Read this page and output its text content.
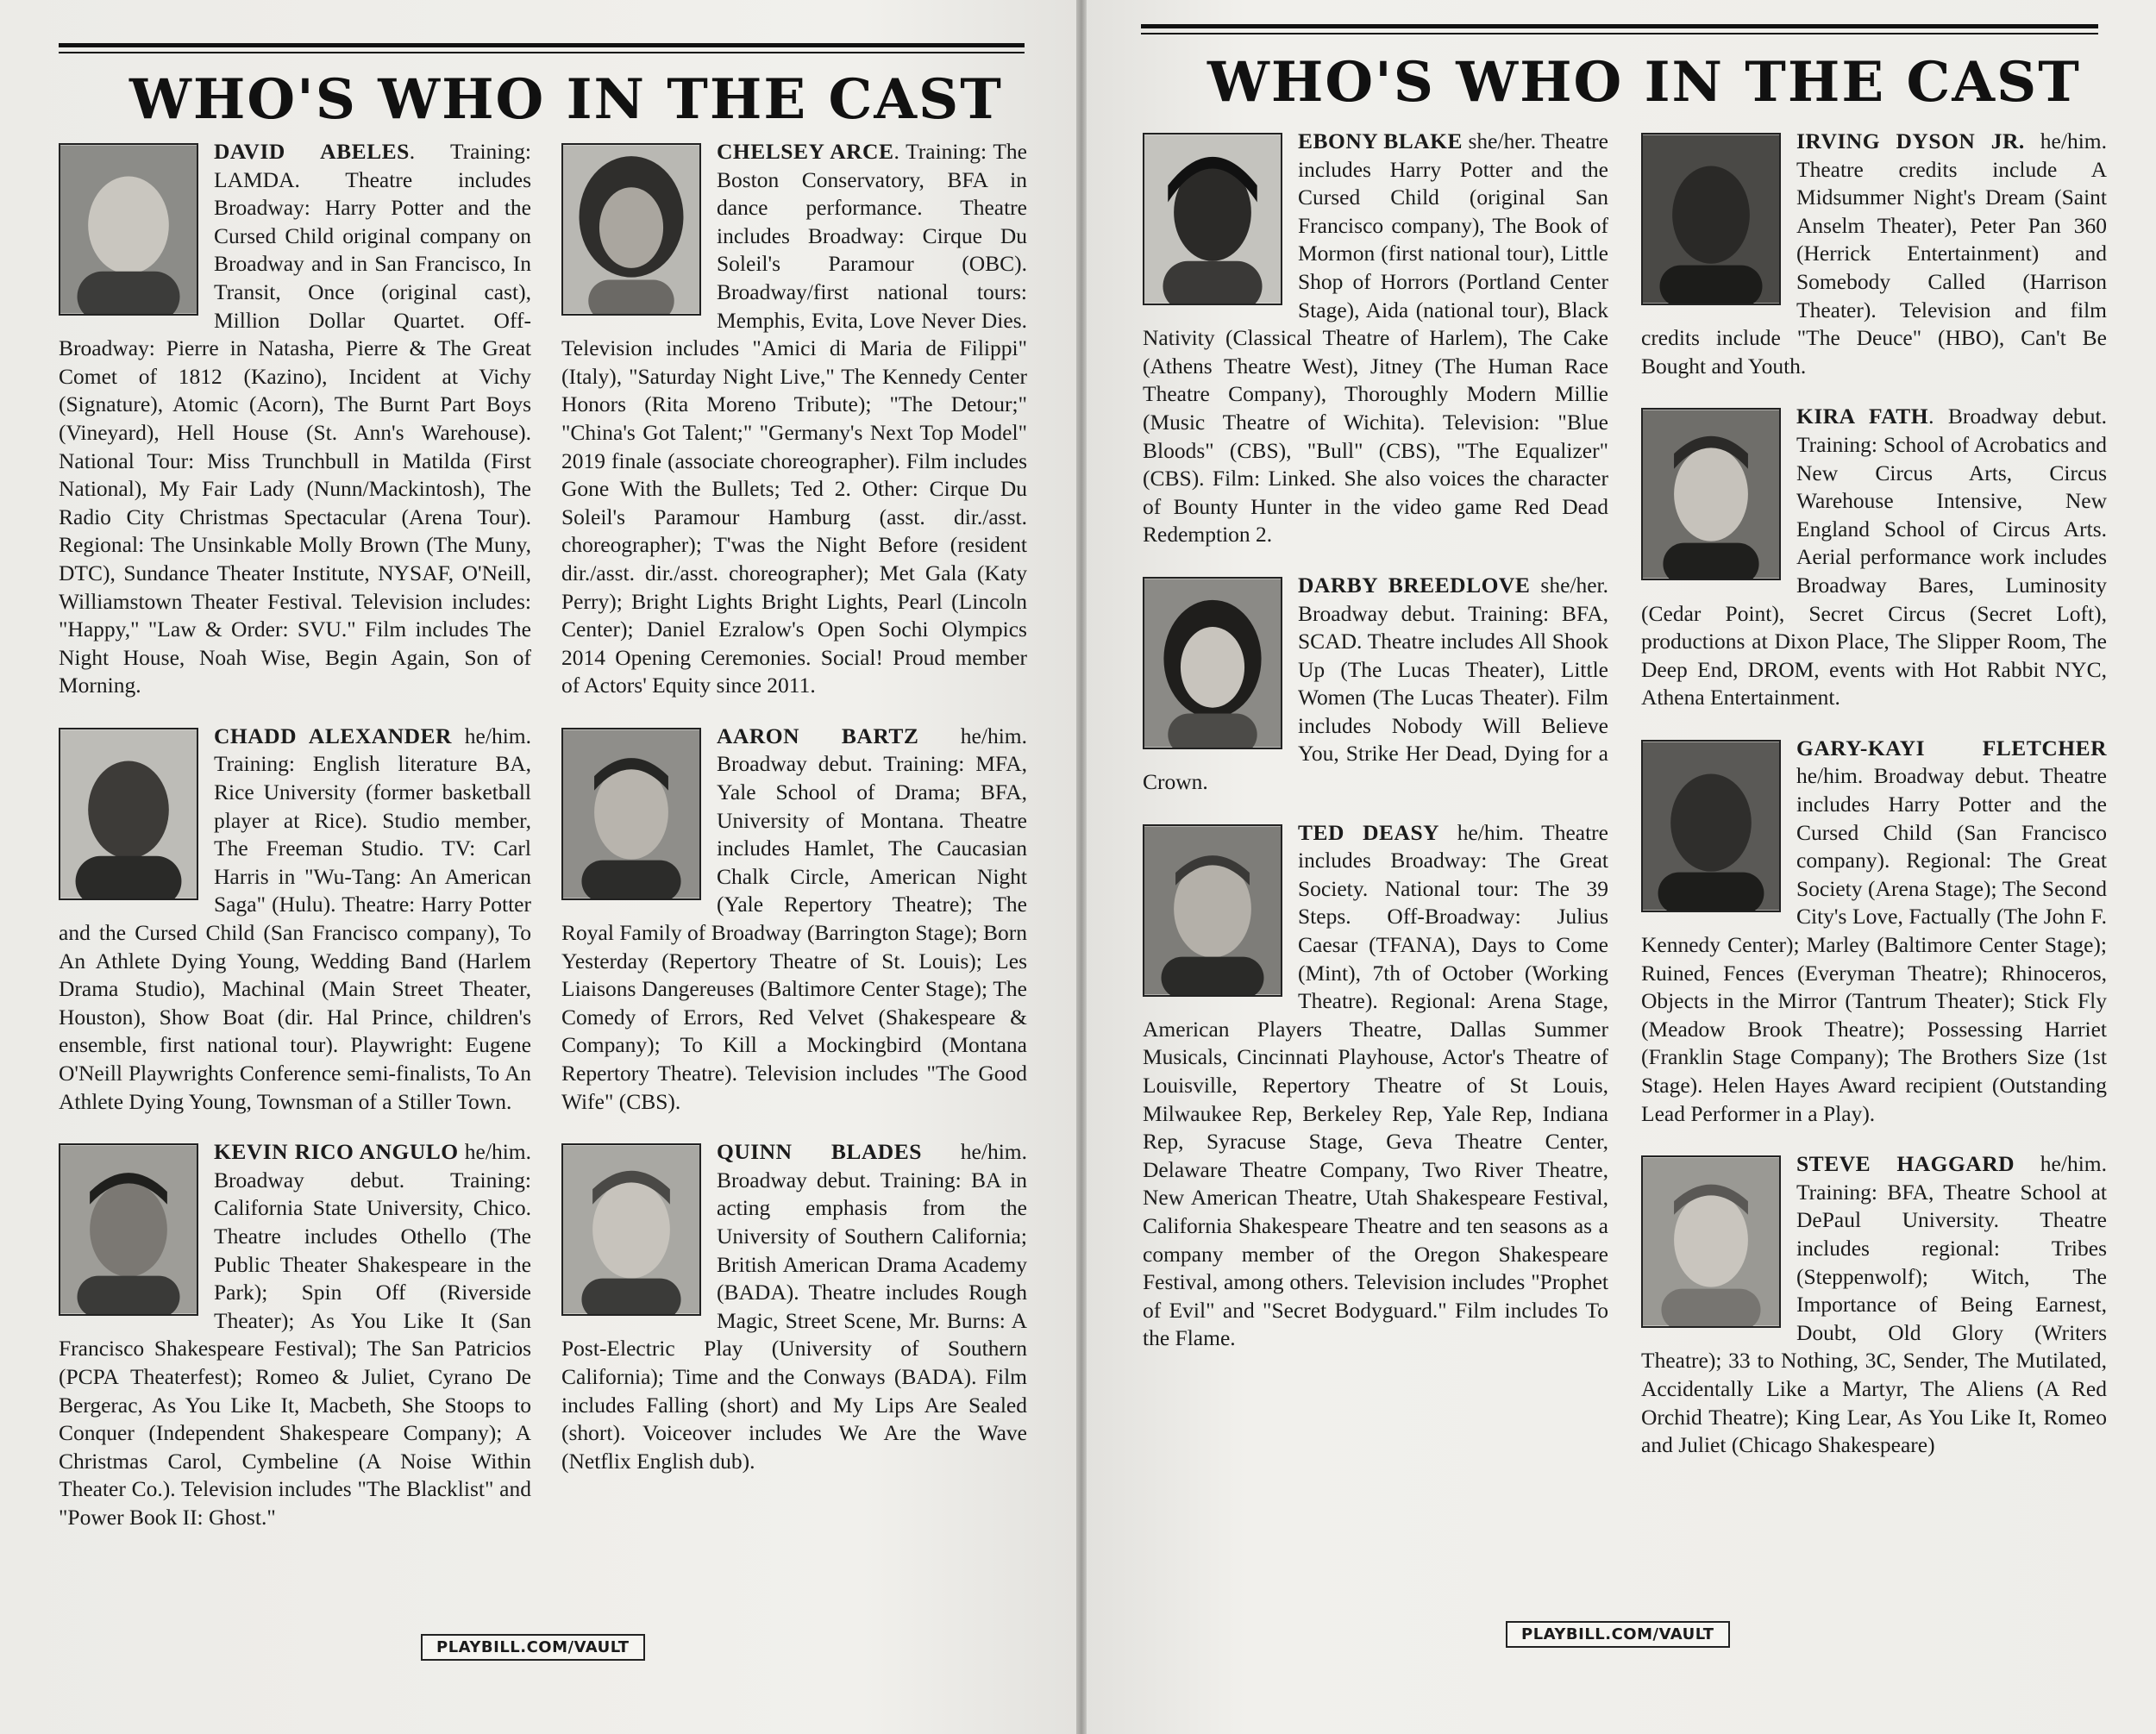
WHO'S WHO IN THE CAST
DAVID ABELES. Training: LAMDA. Theatre includes Broadway: Harry Potter and the Cursed Child original company on Broadway and in San Francisco, In Transit, Once (original cast), Million Dollar Quartet. Off-Broadway: Pierre in Natasha, Pierre & The Great Comet of 1812 (Kazino), Incident at Vichy (Signature), Atomic (Acorn), The Burnt Part Boys (Vineyard), Hell House (St. Ann's Warehouse). National Tour: Miss Trunchbull in Matilda (First National), My Fair Lady (Nunn/Mackintosh), The Radio City Christmas Spectacular (Arena Tour). Regional: The Unsinkable Molly Brown (The Muny, DTC), Sundance Theater Institute, NYSAF, O'Neill, Williamstown Theater Festival. Television includes: "Happy," "Law & Order: SVU." Film includes The Night House, Noah Wise, Begin Again, Son of Morning.
CHADD ALEXANDER he/him. Training: English literature BA, Rice University (former basketball player at Rice). Studio member, The Freeman Studio. TV: Carl Harris in "Wu-Tang: An American Saga" (Hulu). Theatre: Harry Potter and the Cursed Child (San Francisco company), To An Athlete Dying Young, Wedding Band (Harlem Drama Studio), Machinal (Main Street Theater, Houston), Show Boat (dir. Hal Prince, children's ensemble, first national tour). Playwright: Eugene O'Neill Playwrights Conference semi-finalists, To An Athlete Dying Young, Townsman of a Stiller Town.
KEVIN RICO ANGULO he/him. Broadway debut. Training: California State University, Chico. Theatre includes Othello (The Public Theater Shakespeare in the Park); Spin Off (Riverside Theater); As You Like It (San Francisco Shakespeare Festival); The San Patricios (PCPA Theaterfest); Romeo & Juliet, Cyrano De Bergerac, As You Like It, Macbeth, She Stoops to Conquer (Independent Shakespeare Company); A Christmas Carol, Cymbeline (A Noise Within Theater Co.). Television includes "The Blacklist" and "Power Book II: Ghost."
CHELSEY ARCE. Training: The Boston Conservatory, BFA in dance performance. Theatre includes Broadway: Cirque Du Soleil's Paramour (OBC). Broadway/first national tours: Memphis, Evita, Love Never Dies. Television includes "Amici di Maria de Filippi" (Italy), "Saturday Night Live," The Kennedy Center Honors (Rita Moreno Tribute); "The Detour;" "China's Got Talent;" "Germany's Next Top Model" 2019 finale (associate choreographer). Film includes Gone With the Bullets; Ted 2. Other: Cirque Du Soleil's Paramour Hamburg (asst. dir./asst. choreographer); T'was the Night Before (resident dir./asst. dir./asst. choreographer); Met Gala (Katy Perry); Bright Lights Bright Lights, Pearl (Lincoln Center); Daniel Ezralow's Open Sochi Olympics 2014 Opening Ceremonies. Social! Proud member of Actors' Equity since 2011.
AARON BARTZ he/him. Broadway debut. Training: MFA, Yale School of Drama; BFA, University of Montana. Theatre includes Hamlet, The Caucasian Chalk Circle, American Night (Yale Repertory Theatre); The Royal Family of Broadway (Barrington Stage); Born Yesterday (Repertory Theatre of St. Louis); Les Liaisons Dangereuses (Baltimore Center Stage); The Comedy of Errors, Red Velvet (Shakespeare & Company); To Kill a Mockingbird (Montana Repertory Theatre). Television includes "The Good Wife" (CBS).
QUINN BLADES he/him. Broadway debut. Training: BA in acting emphasis from the University of Southern California; British American Drama Academy (BADA). Theatre includes Rough Magic, Street Scene, Mr. Burns: A Post-Electric Play (University of Southern California); Time and the Conways (BADA). Film includes Falling (short) and My Lips Are Sealed (short). Voiceover includes We Are the Wave (Netflix English dub).
PLAYBILL.COM/VAULT
WHO'S WHO IN THE CAST
EBONY BLAKE she/her. Theatre includes Harry Potter and the Cursed Child (original San Francisco company), The Book of Mormon (first national tour), Little Shop of Horrors (Portland Center Stage), Aida (national tour), Black Nativity (Classical Theatre of Harlem), The Cake (Athens Theatre West), Jitney (The Human Race Theatre Company), Thoroughly Modern Millie (Music Theatre of Wichita). Television: "Blue Bloods" (CBS), "Bull" (CBS), "The Equalizer" (CBS). Film: Linked. She also voices the character of Bounty Hunter in the video game Red Dead Redemption 2.
DARBY BREEDLOVE she/her. Broadway debut. Training: BFA, SCAD. Theatre includes All Shook Up (The Lucas Theater), Little Women (The Lucas Theater). Film includes Nobody Will Believe You, Strike Her Dead, Dying for a Crown.
TED DEASY he/him. Theatre includes Broadway: The Great Society. National tour: The 39 Steps. Off-Broadway: Julius Caesar (TFANA), Days to Come (Mint), 7th of October (Working Theatre). Regional: Arena Stage, American Players Theatre, Dallas Summer Musicals, Cincinnati Playhouse, Actor's Theatre of Louisville, Repertory Theatre of St Louis, Milwaukee Rep, Berkeley Rep, Yale Rep, Indiana Rep, Syracuse Stage, Geva Theatre Center, Delaware Theatre Company, Two River Theatre, New American Theatre, Utah Shakespeare Festival, California Shakespeare Theatre and ten seasons as a company member of the Oregon Shakespeare Festival, among others. Television includes "Prophet of Evil" and "Secret Bodyguard." Film includes To the Flame.
IRVING DYSON JR. he/him. Theatre credits include A Midsummer Night's Dream (Saint Anselm Theater), Peter Pan 360 (Herrick Entertainment) and Somebody Called (Harrison Theater). Television and film credits include "The Deuce" (HBO), Can't Be Bought and Youth.
KIRA FATH. Broadway debut. Training: School of Acrobatics and New Circus Arts, Circus Warehouse Intensive, New England School of Circus Arts. Aerial performance work includes Broadway Bares, Luminosity (Cedar Point), Secret Circus (Secret Loft), productions at Dixon Place, The Slipper Room, The Deep End, DROM, events with Hot Rabbit NYC, Athena Entertainment.
GARY-KAYI FLETCHER he/him. Broadway debut. Theatre includes Harry Potter and the Cursed Child (San Francisco company). Regional: The Great Society (Arena Stage); The Second City's Love, Factually (The John F. Kennedy Center); Marley (Baltimore Center Stage); Ruined, Fences (Everyman Theatre); Rhinoceros, Objects in the Mirror (Tantrum Theater); Stick Fly (Meadow Brook Theatre); Possessing Harriet (Franklin Stage Company); The Brothers Size (1st Stage). Helen Hayes Award recipient (Outstanding Lead Performer in a Play).
STEVE HAGGARD he/him. Training: BFA, Theatre School at DePaul University. Theatre includes regional: Tribes (Steppenwolf); Witch, The Importance of Being Earnest, Doubt, Old Glory (Writers Theatre); 33 to Nothing, 3C, Sender, The Mutilated, Accidentally Like a Martyr, The Aliens (A Red Orchid Theatre); King Lear, As You Like It, Romeo and Juliet (Chicago Shakespeare)
PLAYBILL.COM/VAULT
